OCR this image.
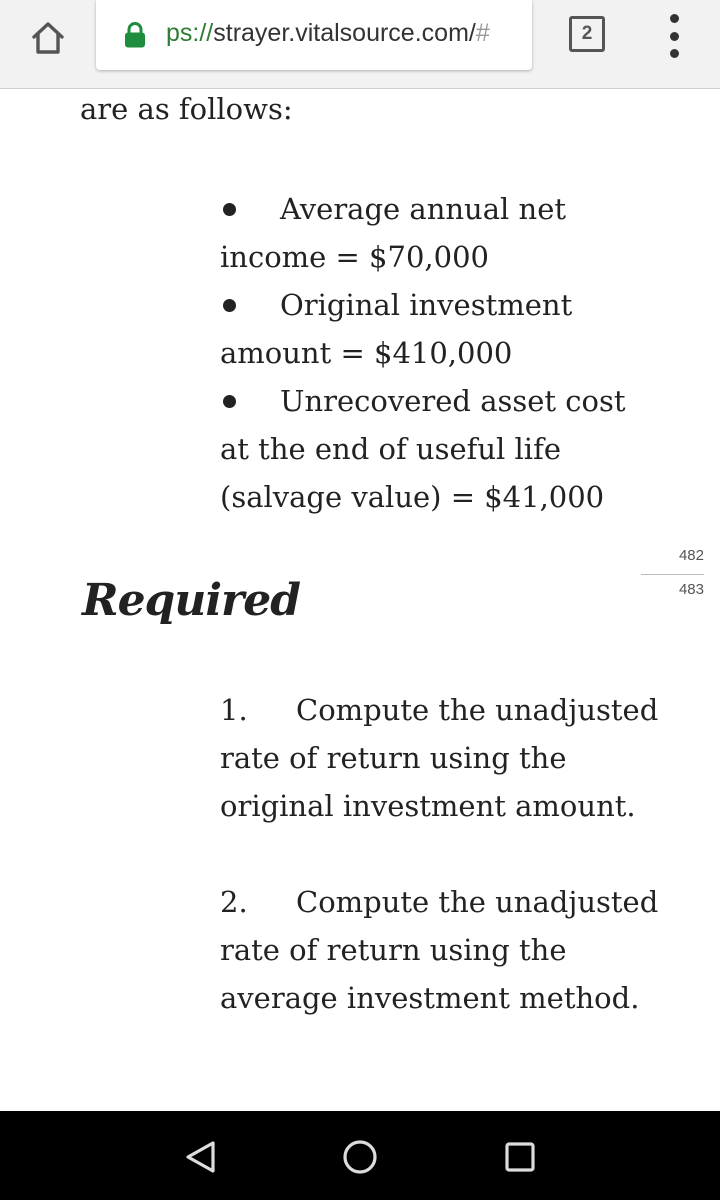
ps://strayer.vitalsource.com/#	2

are as follows:

Average annual net income = $70,000

Original investment amount = $410,000

Unrecovered asset cost at the end of useful life (salvage value) = $41,000

482
483
Required

1.	Compute the unadjusted rate of return using the original investment amount.

2.	Compute the unadjusted rate of return using the average investment method.
